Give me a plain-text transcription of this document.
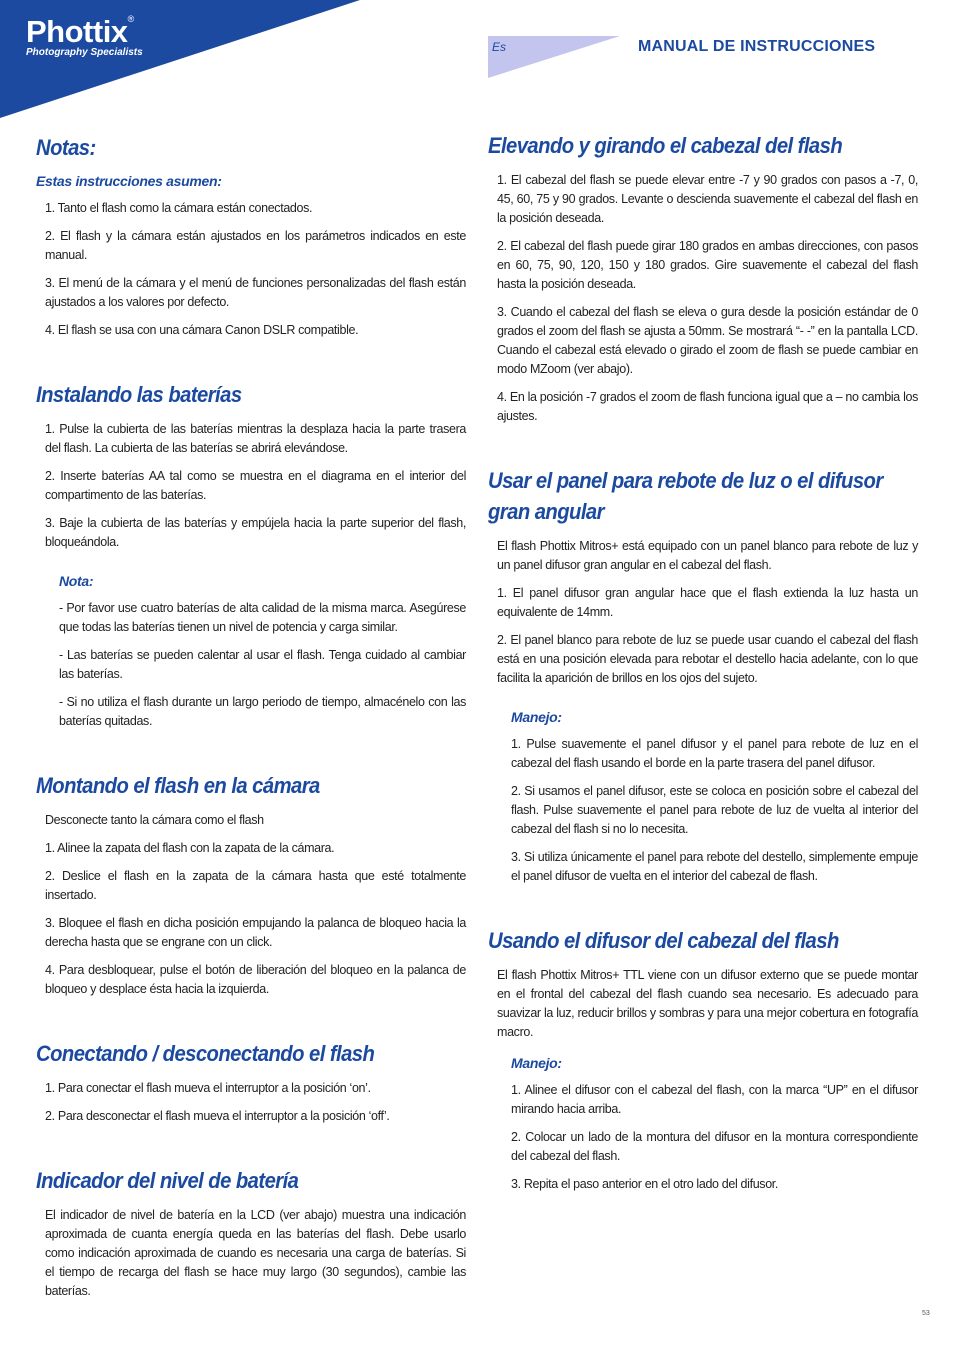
Phottix®
Photography Specialists	Es	MANUAL DE INSTRUCCIONES
Notas:
Estas instrucciones asumen:

1. Tanto el flash como la cámara están conectados.

2. El flash y la cámara están ajustados en los parámetros indicados en este manual.

3. El menú de la cámara y el menú de funciones personalizadas del flash están ajustados a los valores por defecto.

4. El flash se usa con una cámara Canon DSLR compatible.

Instalando las baterías

1. Pulse la cubierta de las baterías mientras la desplaza hacia la parte trasera del flash. La cubierta de las baterías se abrirá elevándose.

2. Inserte baterías AA tal como se muestra en el diagrama en el interior del compartimento de las baterías.

3. Baje la cubierta de las baterías y empújela hacia la parte superior del flash, bloqueándola.

Nota:

- Por favor use cuatro baterías de alta calidad de la misma marca. Asegúrese que todas las baterías tienen un nivel de potencia y carga similar.

- Las baterías se pueden calentar al usar el flash. Tenga cuidado al cambiar las baterías.

- Si no utiliza el flash durante un largo periodo de tiempo, almacénelo con las baterías quitadas.

Montando el flash en la cámara

Desconecte tanto la cámara como el flash

1. Alinee la zapata del flash con la zapata de la cámara.

2. Deslice el flash en la zapata de la cámara hasta que esté totalmente insertado.

3. Bloquee el flash en dicha posición empujando la palanca de bloqueo hacia la derecha hasta que se engrane con un click.

4. Para desbloquear, pulse el botón de liberación del bloqueo en la palanca de bloqueo y desplace ésta hacia la izquierda.

Conectando / desconectando el flash

1. Para conectar el flash mueva el interruptor a la posición ‘on’.

2. Para desconectar el flash mueva el interruptor a la posición ‘off’.

Indicador del nivel de batería

El indicador de nivel de batería en la LCD (ver abajo) muestra una indicación aproximada de cuanta energía queda en las baterías del flash. Debe usarlo como indicación aproximada de cuando es necesaria una carga de baterías. Si el tiempo de recarga del flash se hace muy largo (30 segundos), cambie las baterías.

Elevando y girando el cabezal del flash

1. El cabezal del flash se puede elevar entre -7 y 90 grados con pasos a -7, 0, 45, 60, 75 y 90 grados. Levante o descienda suavemente el cabezal del flash en la posición deseada.

2. El cabezal del flash puede girar 180 grados en ambas direcciones, con pasos en 60, 75, 90, 120, 150 y 180 grados. Gire suavemente el cabezal del flash hasta la posición deseada.

3. Cuando el cabezal del flash se eleva o gura desde la posición estándar de 0 grados el zoom del flash se ajusta a 50mm. Se mostrará “- -” en la pantalla LCD. Cuando el cabezal está elevado o girado el zoom de flash se puede cambiar en modo MZoom (ver abajo).

4. En la posición -7 grados el zoom de flash funciona igual que a – no cambia los ajustes.

Usar el panel para rebote de luz o el difusor gran angular

El flash Phottix Mitros+ está equipado con un panel blanco para rebote de luz y un panel difusor gran angular en el cabezal del flash.

1. El panel difusor gran angular hace que el flash extienda la luz hasta un equivalente de 14mm.

2. El panel blanco para rebote de luz se puede usar cuando el cabezal del flash está en una posición elevada para rebotar el destello hacia adelante, con lo que facilita la aparición de brillos en los ojos del sujeto.

Manejo:

1. Pulse suavemente el panel difusor y el panel para rebote de luz en el cabezal del flash usando el borde en la parte trasera del panel difusor.

2. Si usamos el panel difusor, este se coloca en posición sobre el cabezal del flash. Pulse suavemente el panel para rebote de luz de vuelta al interior del cabezal del flash si no lo necesita.

3. Si utiliza únicamente el panel para rebote del destello, simplemente empuje el panel difusor de vuelta en el interior del cabezal de flash.

Usando el difusor del cabezal del flash

El flash Phottix Mitros+ TTL viene con un difusor externo que se puede montar en el frontal del cabezal del flash cuando sea necesario. Es adecuado para suavizar la luz, reducir brillos y sombras y para una mejor cobertura en fotografía macro.

Manejo:

1. Alinee el difusor con el cabezal del flash, con la marca “UP” en el difusor mirando hacia arriba.

2. Colocar un lado de la montura del difusor en la montura correspondiente del cabezal del flash.

3. Repita el paso anterior en el otro lado del difusor.

53
